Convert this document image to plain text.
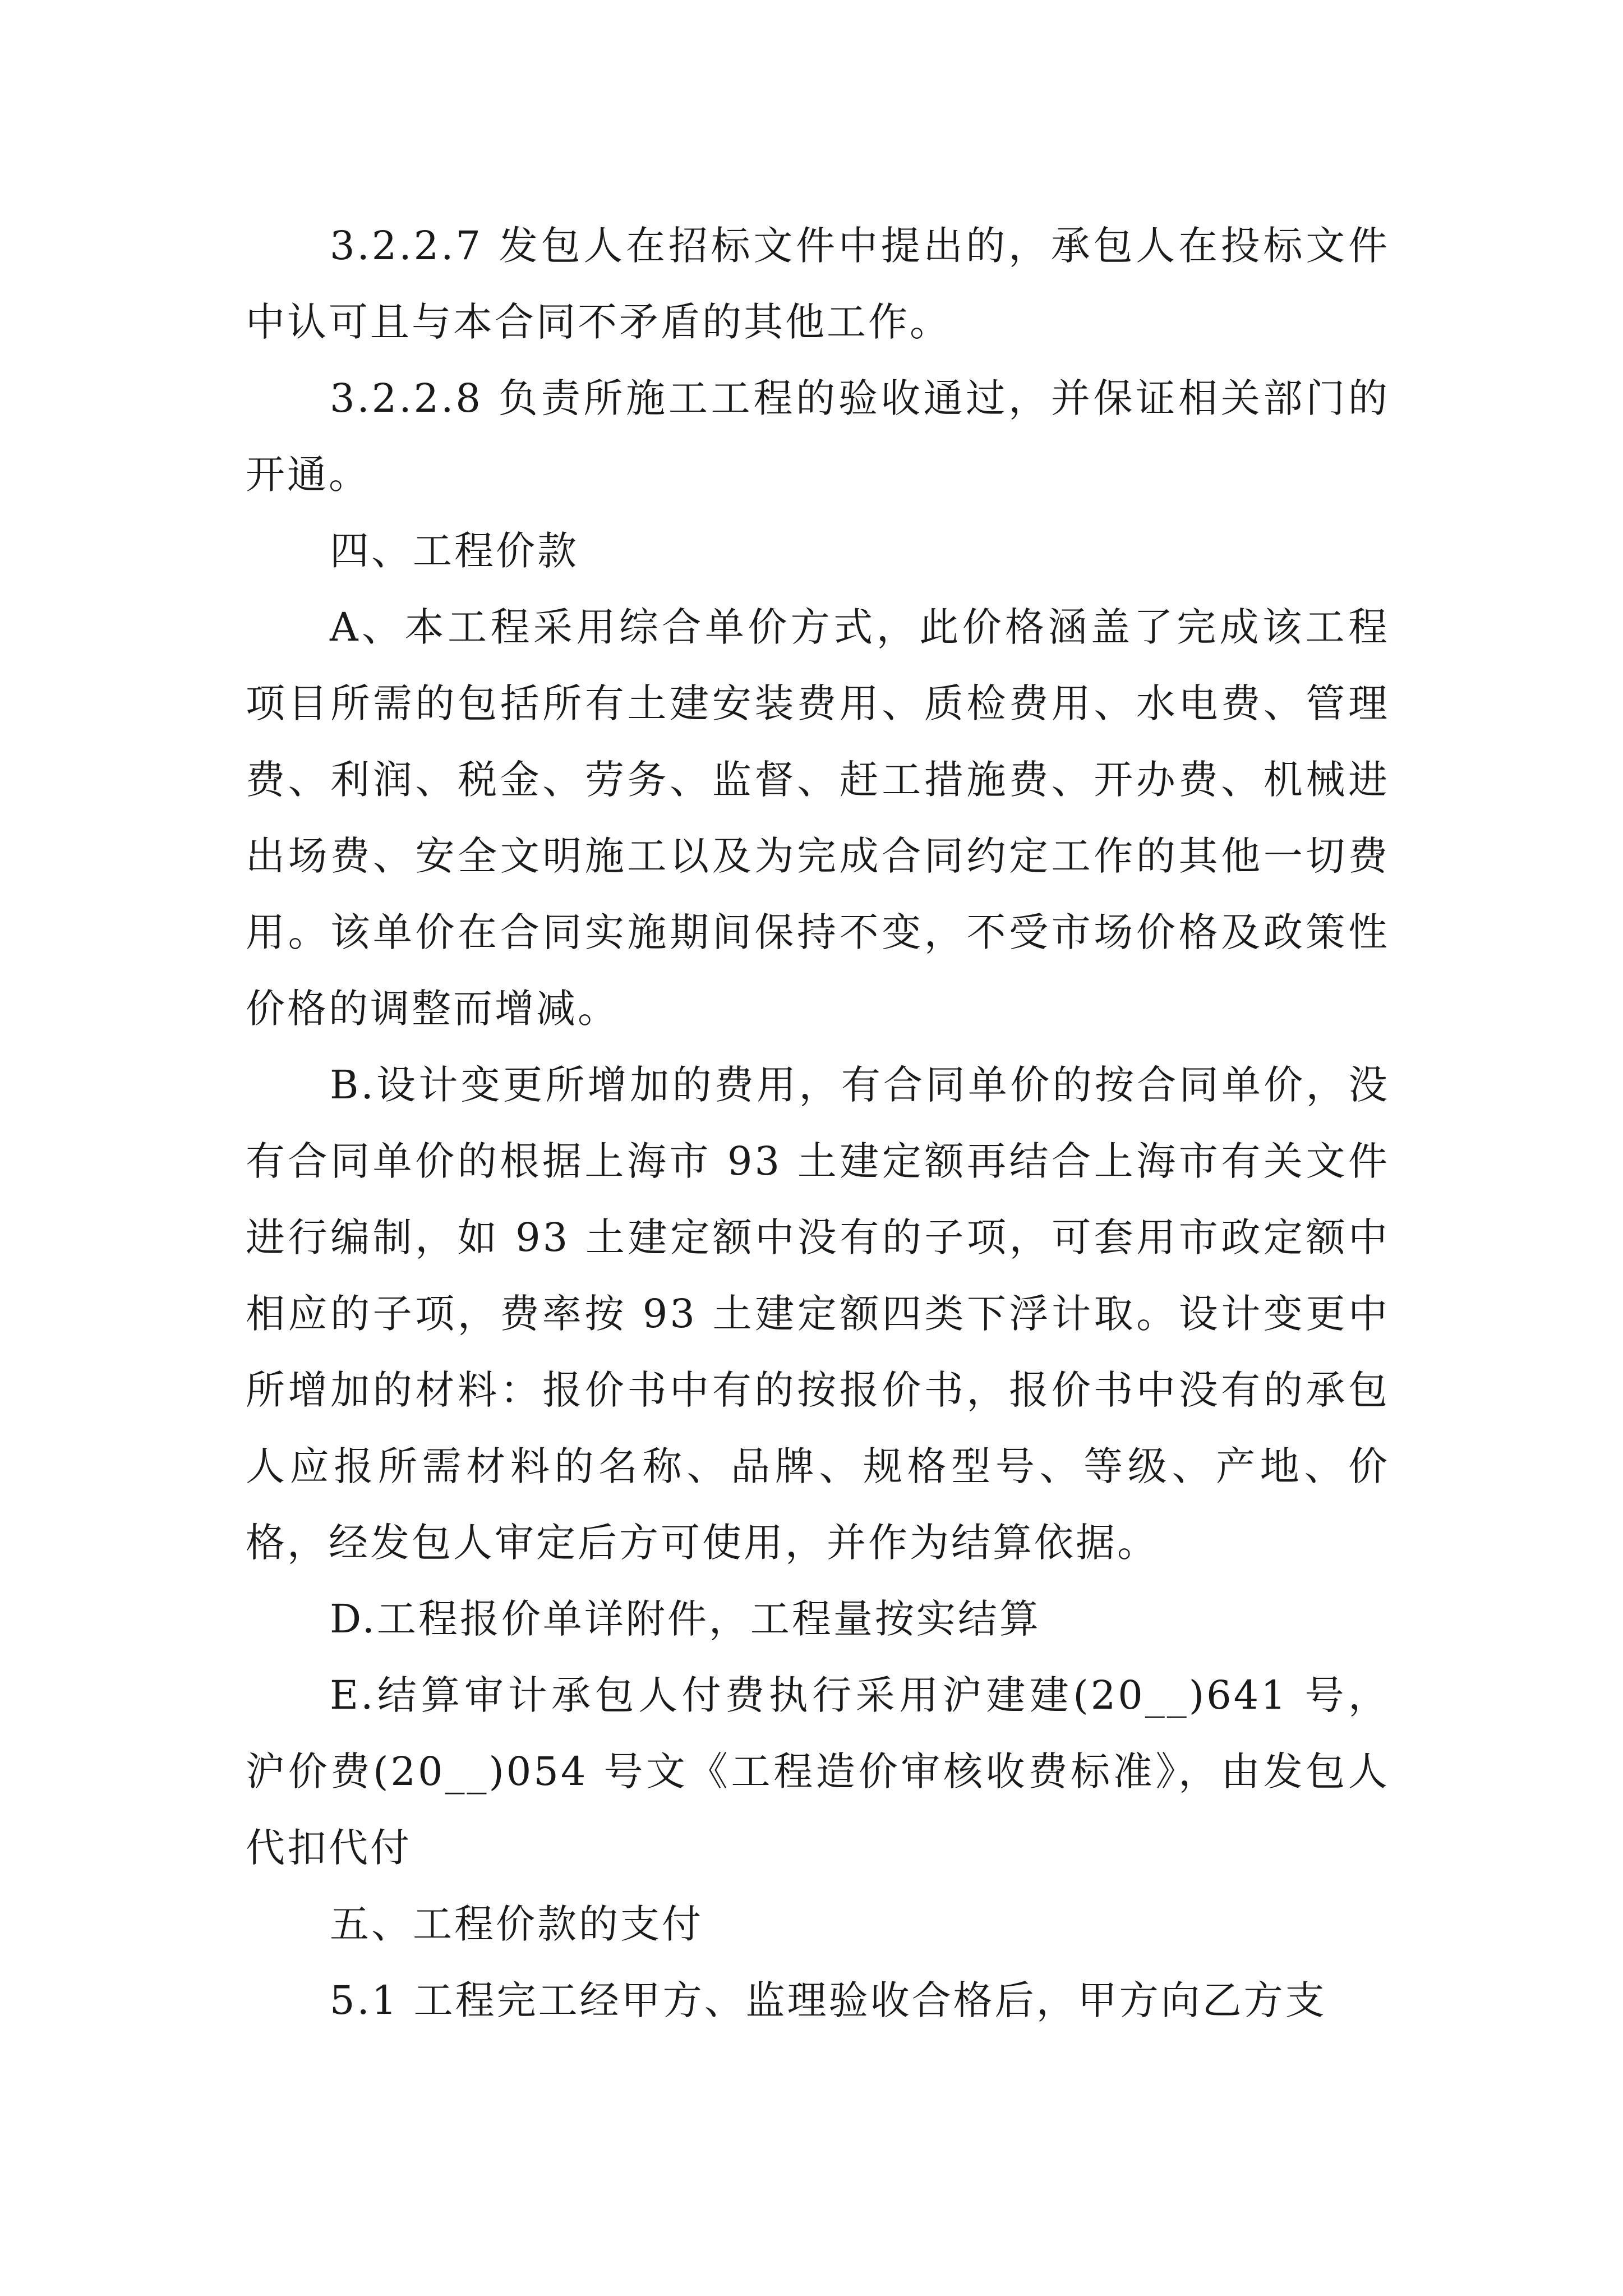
3.2.2.7 发包人在招标文件中提出的，承包人在投标文件中认可且与本合同不矛盾的其他工作。

3.2.2.8 负责所施工工程的验收通过，并保证相关部门的开通。

四、工程价款

A、本工程采用综合单价方式，此价格涵盖了完成该工程项目所需的包括所有土建安装费用、质检费用、水电费、管理费、利润、税金、劳务、监督、赶工措施费、开办费、机械进出场费、安全文明施工以及为完成合同约定工作的其他一切费用。该单价在合同实施期间保持不变，不受市场价格及政策性价格的调整而增减。

B.设计变更所增加的费用，有合同单价的按合同单价，没有合同单价的根据上海市 93 土建定额再结合上海市有关文件进行编制，如 93 土建定额中没有的子项，可套用市政定额中相应的子项，费率按 93 土建定额四类下浮计取。设计变更中所增加的材料：报价书中有的按报价书，报价书中没有的承包人应报所需材料的名称、品牌、规格型号、等级、产地、价格，经发包人审定后方可使用，并作为结算依据。

D.工程报价单详附件，工程量按实结算

E.结算审计承包人付费执行采用沪建建(20__)641 号，沪价费(20__)054 号文《工程造价审核收费标准》，由发包人代扣代付

五、工程价款的支付

5.1 工程完工经甲方、监理验收合格后，甲方向乙方支
